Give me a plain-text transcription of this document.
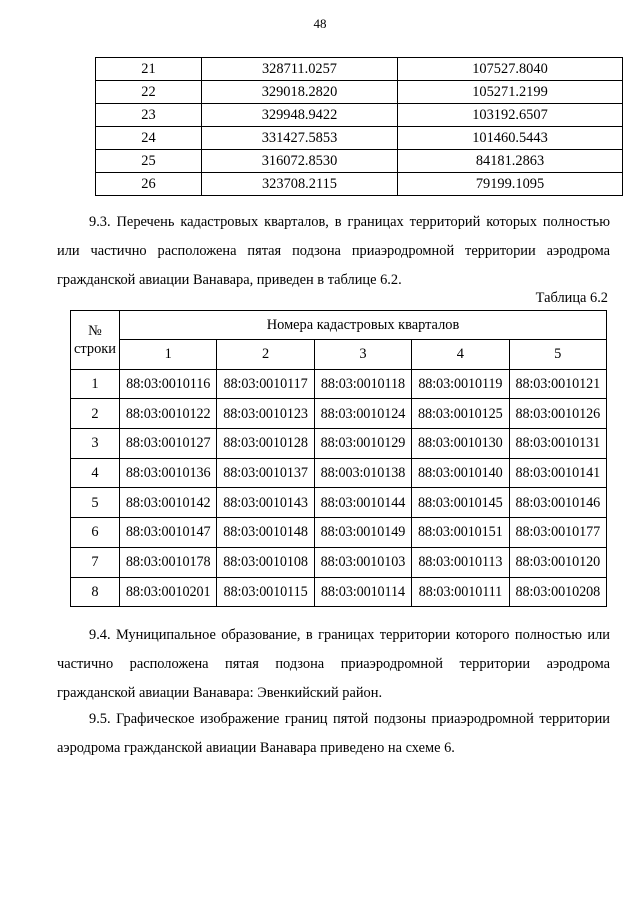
48
21	328711.0257	107527.8040
22	329018.2820	105271.2199
23	329948.9422	103192.6507
24	331427.5853	101460.5443
25	316072.8530	84181.2863
26	323708.2115	79199.1095

9.3. Перечень кадастровых кварталов, в границах территорий которых полностью или частично расположена пятая подзона приаэродромной территории аэродрома гражданской авиации Ванавара, приведен в таблице 6.2.

Таблица 6.2
№
строки	Номера кадастровых кварталов				
	1	2	3	4	5
1	88:03:0010116	88:03:0010117	88:03:0010118	88:03:0010119	88:03:0010121
2	88:03:0010122	88:03:0010123	88:03:0010124	88:03:0010125	88:03:0010126
3	88:03:0010127	88:03:0010128	88:03:0010129	88:03:0010130	88:03:0010131
4	88:03:0010136	88:03:0010137	88:003:010138	88:03:0010140	88:03:0010141
5	88:03:0010142	88:03:0010143	88:03:0010144	88:03:0010145	88:03:0010146
6	88:03:0010147	88:03:0010148	88:03:0010149	88:03:0010151	88:03:0010177
7	88:03:0010178	88:03:0010108	88:03:0010103	88:03:0010113	88:03:0010120
8	88:03:0010201	88:03:0010115	88:03:0010114	88:03:0010111	88:03:0010208

9.4. Муниципальное образование, в границах территории которого полностью или частично расположена пятая подзона приаэродромной территории аэродрома гражданской авиации Ванавара: Эвенкийский район.

9.5. Графическое изображение границ пятой подзоны приаэродромной территории аэродрома гражданской авиации Ванавара приведено на схеме 6.
